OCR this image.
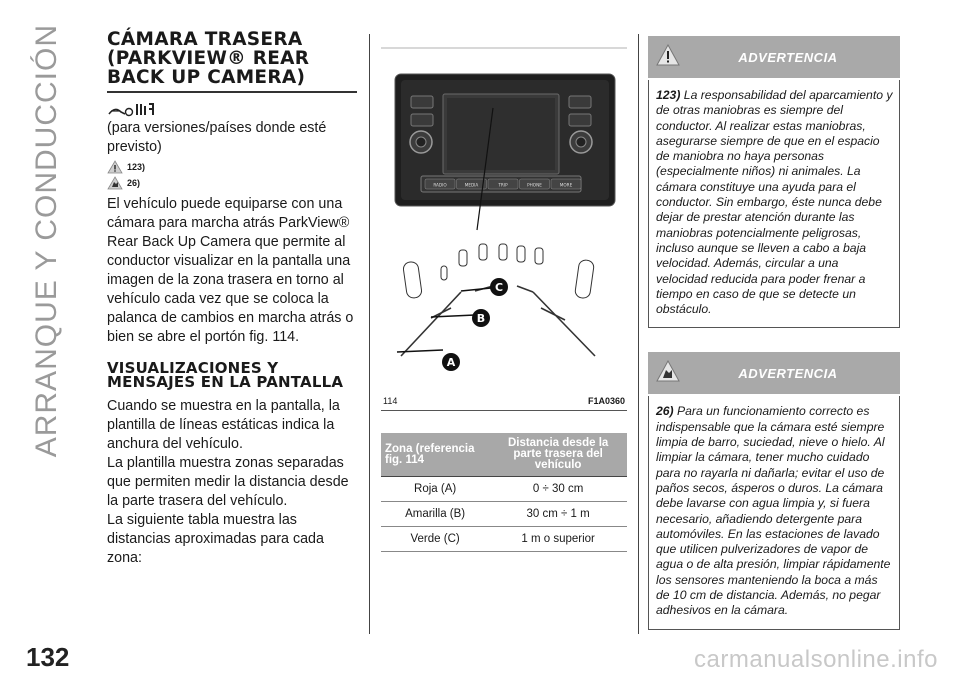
ARRANQUE Y CONDUCCIÓN
132	carmanualsonline.info
CÁMARA TRASERA (PARKVIEW® REAR BACK UP CAMERA)

(para versiones/países donde esté previsto)

123)
26)

El vehículo puede equiparse con una cámara para marcha atrás ParkView® Rear Back Up Camera que permite al conductor visualizar en la pantalla una imagen de la zona trasera en torno al vehículo cada vez que se coloca la palanca de cambios en marcha atrás o bien se abre el portón fig. 114.

VISUALIZACIONES Y MENSAJES EN LA PANTALLA

Cuando se muestra en la pantalla, la plantilla de líneas estáticas indica la anchura del vehículo.

La plantilla muestra zonas separadas que permiten medir la distancia desde la parte trasera del vehículo.

La siguiente tabla muestra las distancias aproximadas para cada zona:

RADIO	MEDIA	TRIP	PHONE	MORE
A
B
C
114	F1A0360
Zona (referencia fig. 114	Distancia desde la parte trasera del vehículo
Roja (A)	0 ÷ 30 cm
Amarilla (B)	30 cm ÷ 1 m
Verde (C)	1 m o superior
ADVERTENCIA
123) La responsabilidad del aparcamiento y de otras maniobras es siempre del conductor. Al realizar estas maniobras, asegurarse siempre de que en el espacio de maniobra no haya personas (especialmente niños) ni animales. La cámara constituye una ayuda para el conductor. Sin embargo, éste nunca debe dejar de prestar atención durante las maniobras potencialmente peligrosas, incluso aunque se lleven a cabo a baja velocidad. Además, circular a una velocidad reducida para poder frenar a tiempo en caso de que se detecte un obstáculo.
ADVERTENCIA
26) Para un funcionamiento correcto es indispensable que la cámara esté siempre limpia de barro, suciedad, nieve o hielo. Al limpiar la cámara, tener mucho cuidado para no rayarla ni dañarla; evitar el uso de paños secos, ásperos o duros. La cámara debe lavarse con agua limpia y, si fuera necesario, añadiendo detergente para automóviles. En las estaciones de lavado que utilicen pulverizadores de vapor de agua o de alta presión, limpiar rápidamente los sensores manteniendo la boca a más de 10 cm de distancia. Además, no pegar adhesivos en la cámara.
